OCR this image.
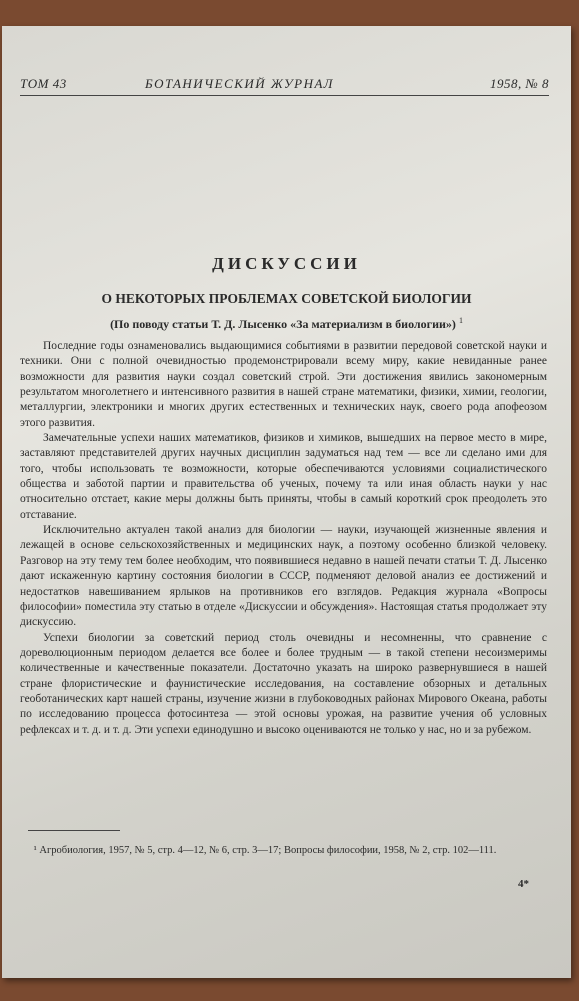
ТОМ 43	БОТАНИЧЕСКИЙ ЖУРНАЛ	1958, № 8
ДИСКУССИИ
О НЕКОТОРЫХ ПРОБЛЕМАХ СОВЕТСКОЙ БИОЛОГИИ
(По поводу статьи Т. Д. Лысенко «За материализм в биологии») $^1$

Последние годы ознаменовались выдающимися событиями в развитии передовой советской науки и техники. Они с полной очевидностью продемонстрировали всему миру, какие невиданные ранее возможности для развития науки создал советский строй. Эти достижения явились закономерным результатом многолетнего и интенсивного развития в нашей стране математики, физики, химии, геологии, металлургии, электроники и многих других естественных и технических наук, своего рода апофеозом этого развития.

Замечательные успехи наших математиков, физиков и химиков, вышедших на первое место в мире, заставляют представителей других научных дисциплин задуматься над тем — все ли сделано ими для того, чтобы использовать те возможности, которые обеспечиваются условиями социалистического общества и заботой партии и правительства об ученых, почему та или иная область науки у нас относительно отстает, какие меры должны быть приняты, чтобы в самый короткий срок преодолеть это отставание.

Исключительно актуален такой анализ для биологии — науки, изучающей жизненные явления и лежащей в основе сельскохозяйственных и медицинских наук, а поэтому особенно близкой человеку. Разговор на эту тему тем более необходим, что появившиеся недавно в нашей печати статьи Т. Д. Лысенко дают искаженную картину состояния биологии в СССР, подменяют деловой анализ ее достижений и недостатков навешиванием ярлыков на противников его взглядов. Редакция журнала «Вопросы философии» поместила эту статью в отделе «Дискуссии и обсуждения». Настоящая статья продолжает эту дискуссию.

Успехи биологии за советский период столь очевидны и несомненны, что сравнение с дореволюционным периодом делается все более и более трудным — в такой степени несоизмеримы количественные и качественные показатели. Достаточно указать на широко развернувшиеся в нашей стране флористические и фаунистические исследования, на составление обзорных и детальных геоботанических карт нашей страны, изучение жизни в глубоководных районах Мирового Океана, работы по исследованию процесса фотосинтеза — этой основы урожая, на развитие учения об условных рефлексах и т. д. и т. д. Эти успехи единодушно и высоко оцениваются не только у нас, но и за рубежом.

¹ Агробиология, 1957, № 5, стр. 4—12, № 6, стр. 3—17; Вопросы философии, 1958, № 2, стр. 102—111.

4*
